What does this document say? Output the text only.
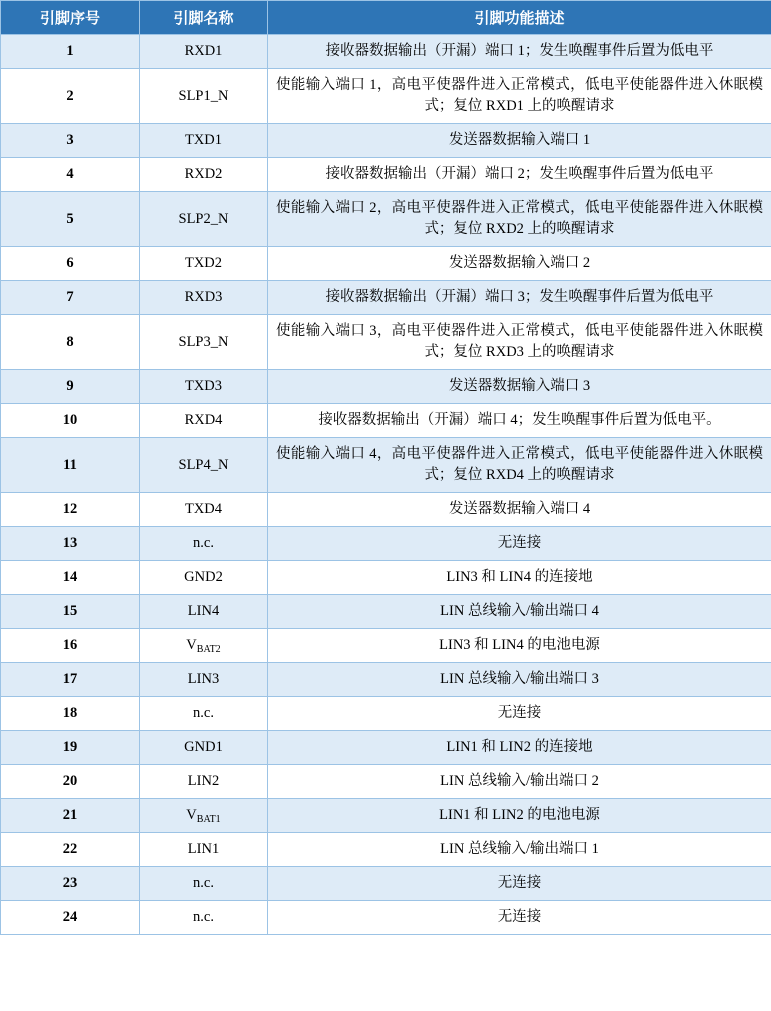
引脚序号	引脚名称	引脚功能描述
1	RXD1	接收器数据输出（开漏）端口 1；发生唤醒事件后置为低电平
2	SLP1_N	使能输入端口 1，高电平使器件进入正常模式，低电平使能器件进入休眠模式；复位 RXD1 上的唤醒请求
3	TXD1	发送器数据输入端口 1
4	RXD2	接收器数据输出（开漏）端口 2；发生唤醒事件后置为低电平
5	SLP2_N	使能输入端口 2，高电平使器件进入正常模式，低电平使能器件进入休眠模式；复位 RXD2 上的唤醒请求
6	TXD2	发送器数据输入端口 2
7	RXD3	接收器数据输出（开漏）端口 3；发生唤醒事件后置为低电平
8	SLP3_N	使能输入端口 3，高电平使器件进入正常模式，低电平使能器件进入休眠模式；复位 RXD3 上的唤醒请求
9	TXD3	发送器数据输入端口 3
10	RXD4	接收器数据输出（开漏）端口 4；发生唤醒事件后置为低电平。
11	SLP4_N	使能输入端口 4，高电平使器件进入正常模式，低电平使能器件进入休眠模式；复位 RXD4 上的唤醒请求
12	TXD4	发送器数据输入端口 4
13	n.c.	无连接
14	GND2	LIN3 和 LIN4 的连接地
15	LIN4	LIN 总线输入/输出端口 4
16	$V_{BAT2}$	LIN3 和 LIN4 的电池电源
17	LIN3	LIN 总线输入/输出端口 3
18	n.c.	无连接
19	GND1	LIN1 和 LIN2 的连接地
20	LIN2	LIN 总线输入/输出端口 2
21	$V_{BAT1}$	LIN1 和 LIN2 的电池电源
22	LIN1	LIN 总线输入/输出端口 1
23	n.c.	无连接
24	n.c.	无连接
